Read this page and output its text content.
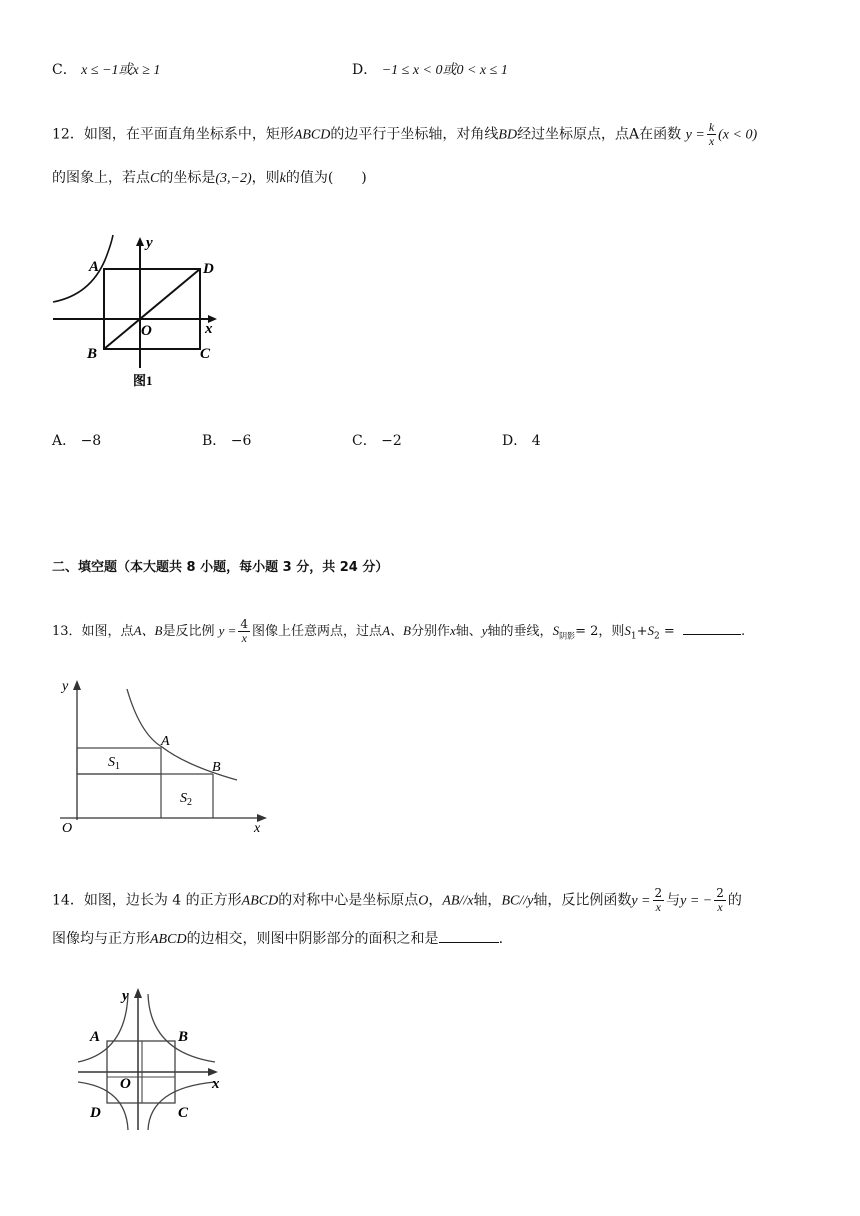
C． x ≤ −1或x ≥ 1	D． −1 ≤ x < 0或0 < x ≤ 1
12．如图，在平面直角坐标系中，矩形ABCD的边平行于坐标轴，对角线BD经过坐标原点，点A在函数 $y = \frac{k}{x} (x < 0)$
的图象上，若点C的坐标是(3,−2)，则k的值为(　　)
A	D
B	C
O	x
y
图1
A． −8	B． −6	C． −2	D． 4
二、填空题（本大题共 8 小题，每小题 3 分，共 24 分）
13．如图，点A、B是反比例 $y = \frac{4}{x}$ 图像上任意两点，过点A、B分别作x轴、y轴的垂线，$S_{阴影}= 2$，则$S_1+S_2$ =	.
y
x
O
A
B
$S_1$
$S_2$
14．如图，边长为 4 的正方形ABCD的对称中心是坐标原点O，AB//x轴，BC//y轴，反比例函数$y = \frac{2}{x}$ 与y = − $\frac{2}{x}$ 的
图像均与正方形ABCD的边相交，则图中阴影部分的面积之和是	.
y
x
O
A	B
C
D
